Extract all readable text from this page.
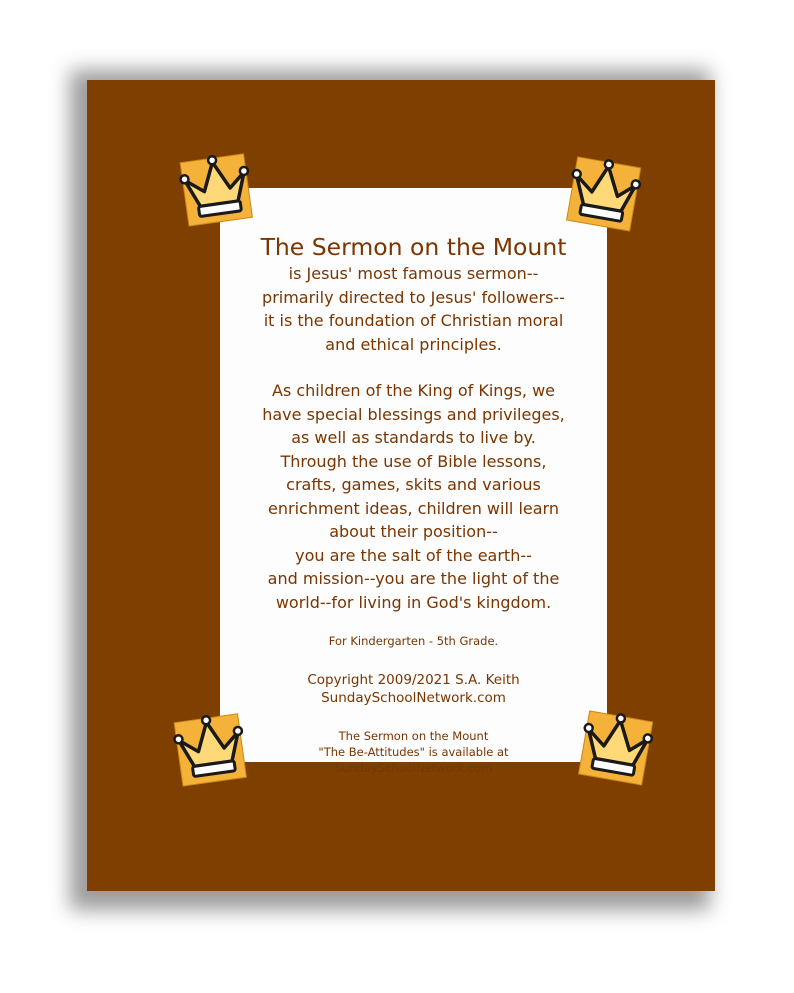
The Sermon on the Mount
is Jesus' most famous sermon--
primarily directed to Jesus' followers--
it is the foundation of Christian moral
and ethical principles.
As children of the King of Kings, we
have special blessings and privileges,
as well as standards to live by.
Through the use of Bible lessons,
crafts, games, skits and various
enrichment ideas, children will learn
about their position--
you are the salt of the earth--
and mission--you are the light of the
world--for living in God's kingdom.
For Kindergarten - 5th Grade.
Copyright 2009/2021 S.A. Keith
SundaySchoolNetwork.com
The Sermon on the Mount
"The Be-Attitudes" is available at
SundaySchoolNetwork.com
